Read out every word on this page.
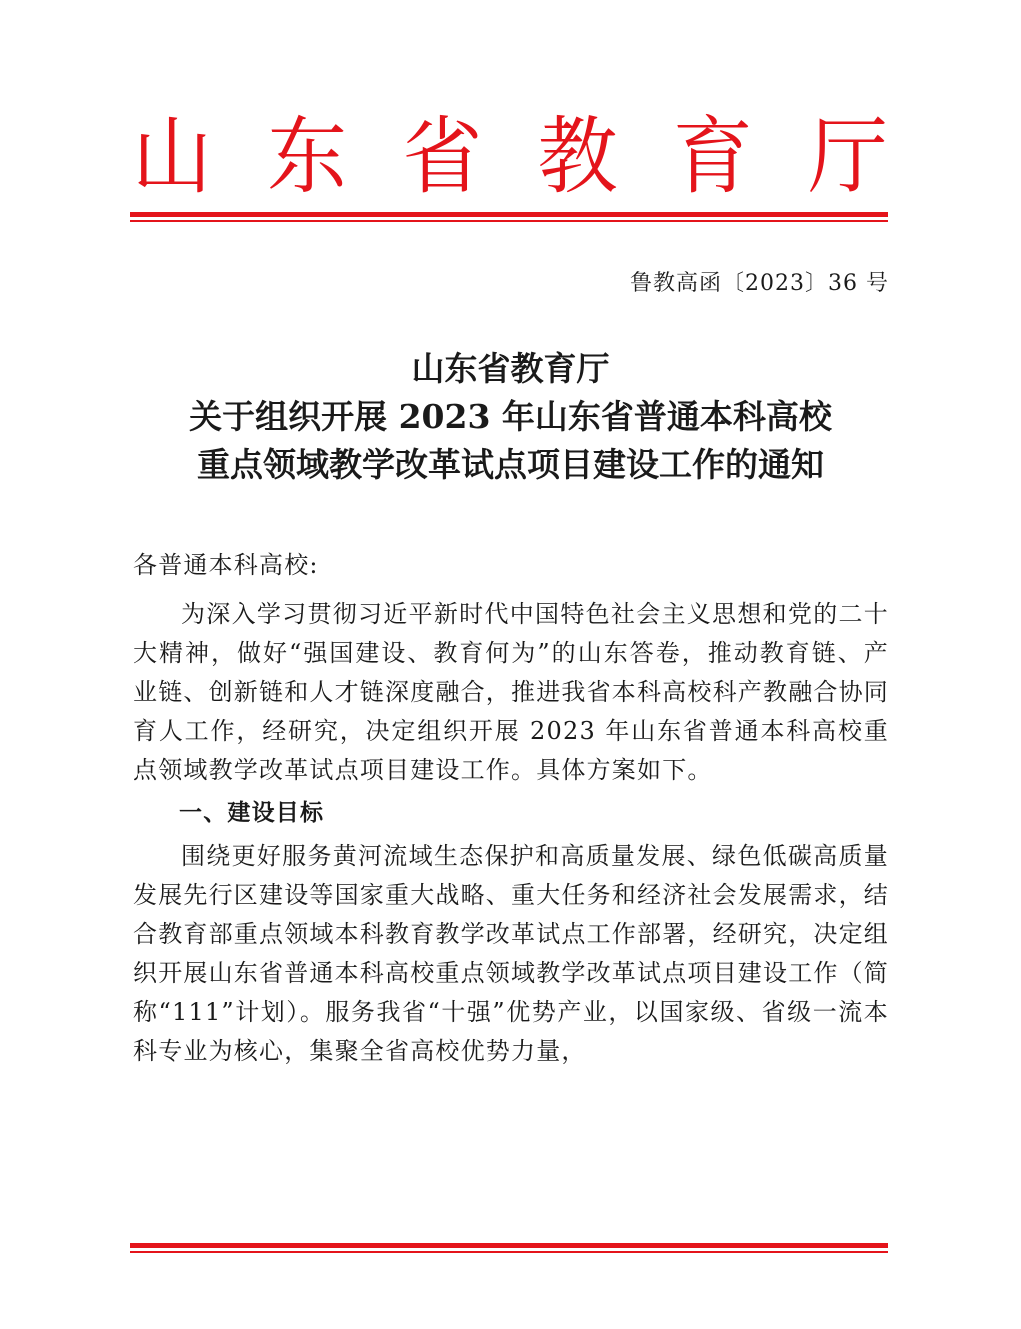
山 东 省 教 育 厅
鲁教高函〔2023〕36 号
山东省教育厅
关于组织开展 2023 年山东省普通本科高校
重点领域教学改革试点项目建设工作的通知

各普通本科高校:

为深入学习贯彻习近平新时代中国特色社会主义思想和党的二十大精神，做好“强国建设、教育何为”的山东答卷，推动教育链、产业链、创新链和人才链深度融合，推进我省本科高校科产教融合协同育人工作，经研究，决定组织开展 2023 年山东省普通本科高校重点领域教学改革试点项目建设工作。具体方案如下。

一、建设目标

围绕更好服务黄河流域生态保护和高质量发展、绿色低碳高质量发展先行区建设等国家重大战略、重大任务和经济社会发展需求，结合教育部重点领域本科教育教学改革试点工作部署，经研究，决定组织开展山东省普通本科高校重点领域教学改革试点项目建设工作（简称“111”计划）。服务我省“十强”优势产业，以国家级、省级一流本科专业为核心，集聚全省高校优势力量，
